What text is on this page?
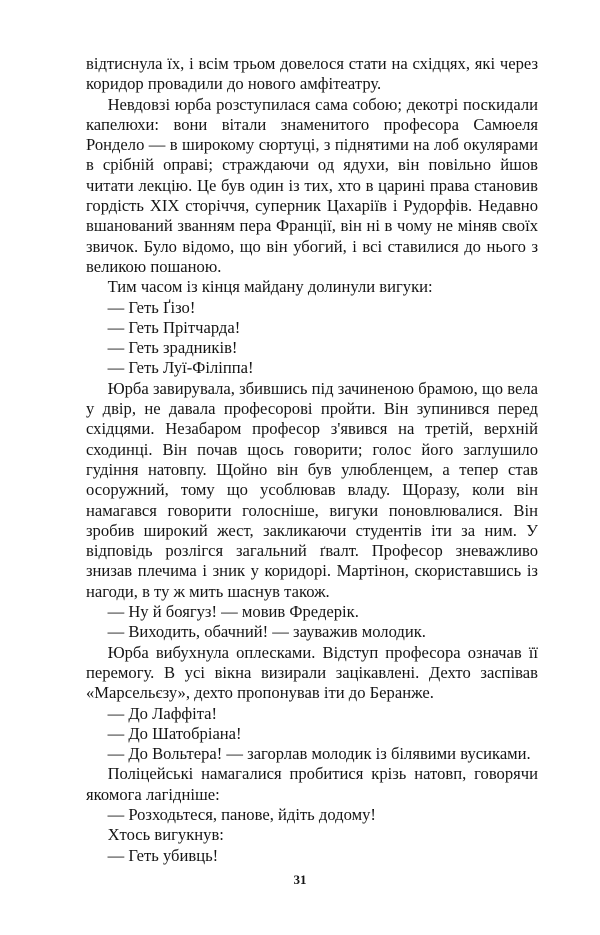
відтиснула їх, і всім трьом довелося стати на східцях, які через коридор провадили до нового амфітеатру.

Невдовзі юрба розступилася сама собою; декотрі поскидали капелюхи: вони вітали знаменитого професора Самюеля Рондело — в широкому сюртуці, з піднятими на лоб окулярами в срібній оправі; страждаючи од ядухи, він повільно йшов читати лекцію. Це був один із тих, хто в царині права становив гордість XIX сторіччя, суперник Цахаріїв і Рудорфів. Недавно вшанований званням пера Франції, він ні в чому не міняв своїх звичок. Було відомо, що він убогий, і всі ставилися до нього з великою пошаною.

Тим часом із кінця майдану долинули вигуки:

— Геть Ґізо!

— Геть Прітчарда!

— Геть зрадників!

— Геть Луї-Філіппа!

Юрба завирувала, збившись під зачиненою брамою, що вела у двір, не давала професорові пройти. Він зупинився перед східцями. Незабаром професор з'явився на третій, верхній сходинці. Він почав щось говорити; голос його заглушило гудіння натовпу. Щойно він був улюбленцем, а тепер став осоружний, тому що усоблював владу. Щоразу, коли він намагався говорити голосніше, вигуки поновлювалися. Він зробив широкий жест, закликаючи студентів іти за ним. У відповідь розлігся загальний ґвалт. Професор зневажливо знизав плечима і зник у коридорі. Мартінон, скориставшись із нагоди, в ту ж мить шаснув також.

— Ну й боягуз! — мовив Фредерік.

— Виходить, обачний! — зауважив молодик.

Юрба вибухнула оплесками. Відступ професора означав її перемогу. В усі вікна визирали зацікавлені. Дехто заспівав «Марсельєзу», дехто пропонував іти до Беранже.

— До Лаффіта!

— До Шатобріана!

— До Вольтера! — загорлав молодик із білявими вусиками.

Поліцейські намагалися пробитися крізь натовп, говорячи якомога лагідніше:

— Розходьтеся, панове, йдіть додому!

Хтось вигукнув:

— Геть убивць!

31
